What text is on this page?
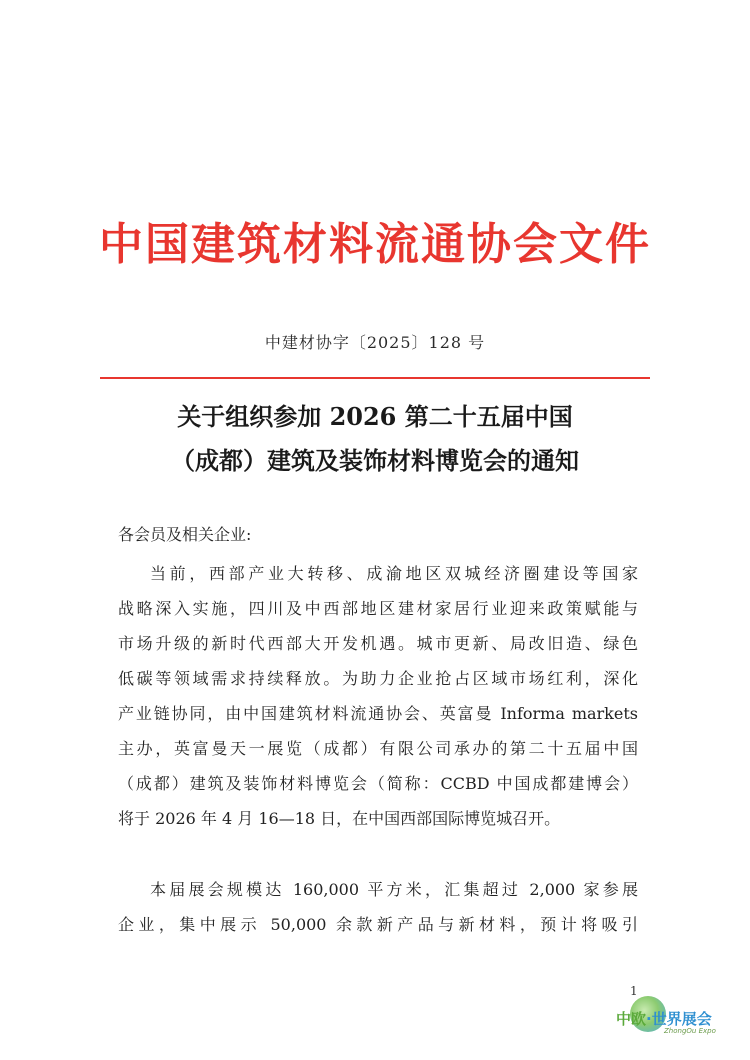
中国建筑材料流通协会文件
中建材协字〔2025〕128 号
关于组织参加 2026 第二十五届中国
（成都）建筑及装饰材料博览会的通知
各会员及相关企业:
当前，西部产业大转移、成渝地区双城经济圈建设等国家
战略深入实施，四川及中西部地区建材家居行业迎来政策赋能与
市场升级的新时代西部大开发机遇。城市更新、局改旧造、绿色
低碳等领域需求持续释放。为助力企业抢占区域市场红利，深化
产业链协同，由中国建筑材料流通协会、英富曼 Informa markets
主办，英富曼天一展览（成都）有限公司承办的第二十五届中国
（成都）建筑及装饰材料博览会（简称：CCBD 中国成都建博会）
将于 2026 年 4 月 16—18 日，在中国西部国际博览城召开。
本届展会规模达 160,000 平方米，汇集超过 2,000 家参展
企业，集中展示 50,000 余款新产品与新材料，预计将吸引
1
中欧·世界展会
ZhongOu Expo
